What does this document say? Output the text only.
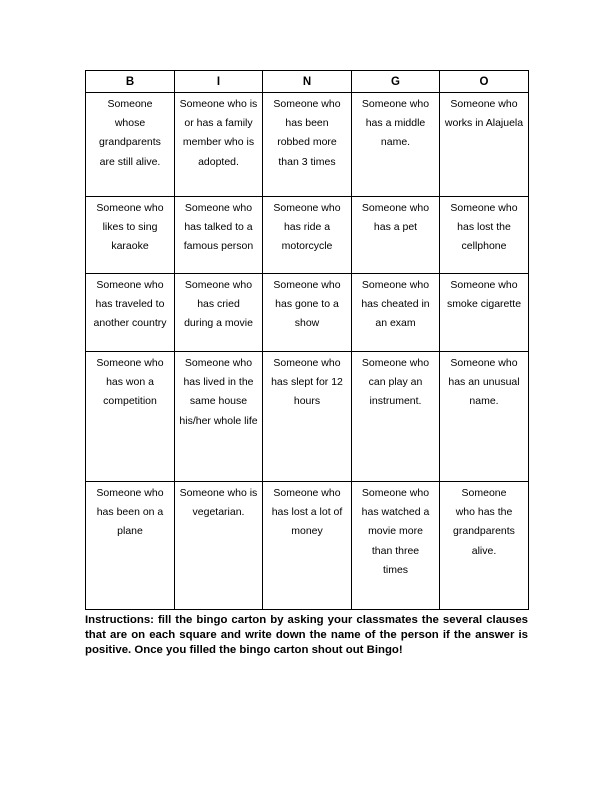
B	I	N	G	O

Someone whose grandparents are still alive.	Someone who is or has a family member who is adopted.	Someone who has been robbed more than 3 times	Someone who has a middle name.	Someone who works in Alajuela

Someone who likes to sing karaoke	Someone who has talked to a famous person	Someone who has ride a motorcycle	Someone who has a pet	Someone who has lost the cellphone

Someone who has traveled to another country	Someone who has cried during a movie	Someone who has gone to a show	Someone who has cheated in an exam	Someone who smoke cigarette

Someone who has won a competition	Someone who has lived in the same house his/her whole life	Someone who has slept for 12 hours	Someone who can play an instrument.	Someone who has an unusual name.

Someone who has been on a plane	Someone who is vegetarian.	Someone who has lost a lot of money	Someone who has watched a movie more than three times	Someone who has the grandparents alive.

Instructions: fill the bingo carton by asking your classmates the several clauses that are on each square and write down the name of the person if the answer is positive. Once you filled the bingo carton shout out Bingo!
